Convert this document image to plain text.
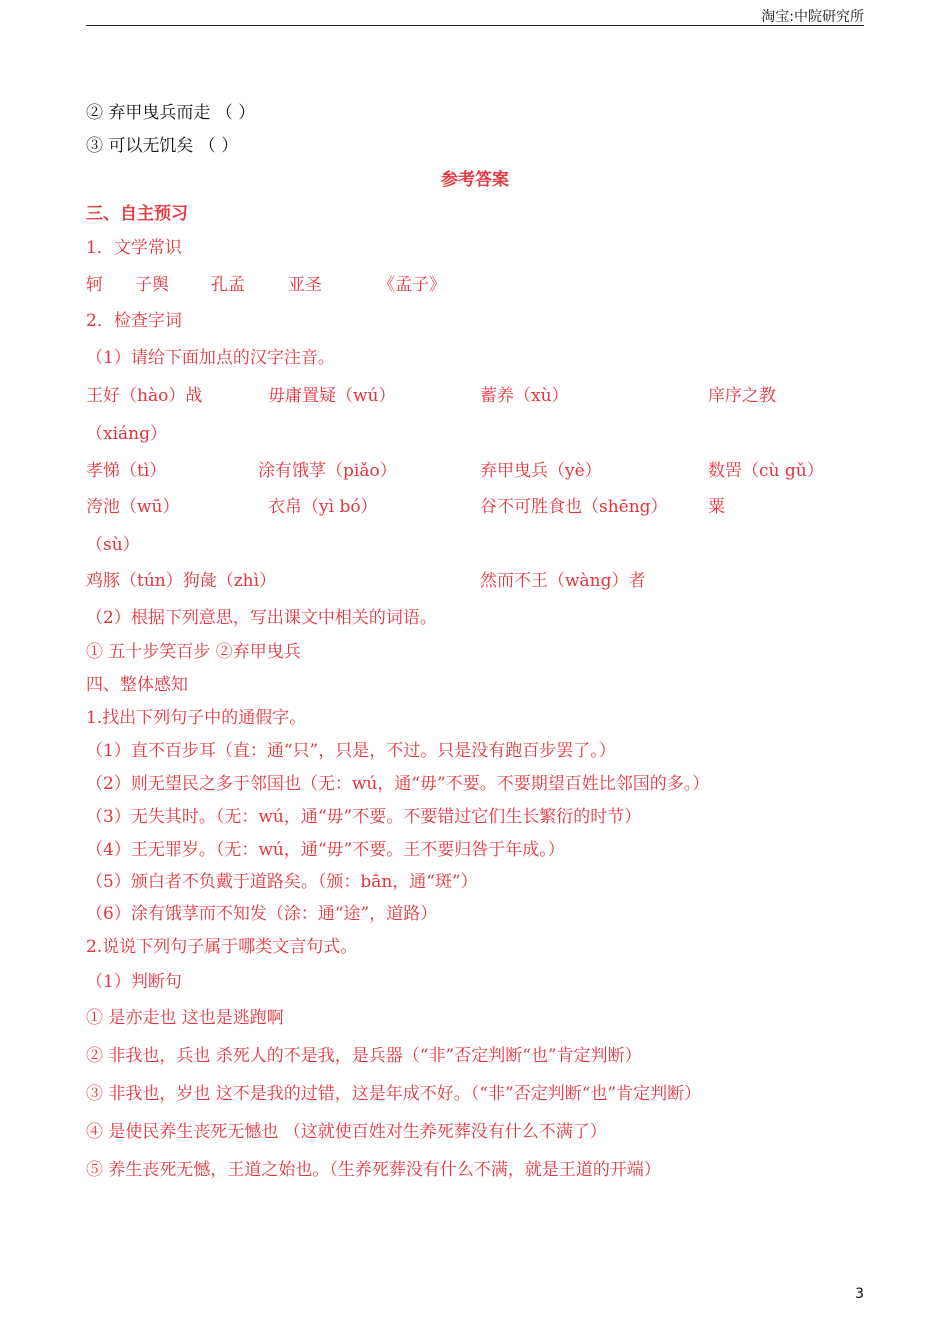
淘宝:中院研究所
② 弃甲曳兵而走 （ ）
③ 可以无饥矣 （ ）
参考答案
三、自主预习
1．文学常识
轲 子舆 孔孟	亚圣	《孟子》
2．检查字词
（1）请给下面加点的汉字注音。
王好（hào）战	毋庸置疑（wú）	蓄养（xù）	庠序之教
（xiáng）
孝悌（tì）	涂有饿莩（piǎo）	弃甲曳兵（yè）	数罟（cù gǔ）
洿池（wū）	衣帛（yì bó）	谷不可胜食也（shēng） 粟
（sù）
鸡豚（tún）狗彘（zhì）	然而不王（wàng）者
（2）根据下列意思，写出课文中相关的词语。
① 五十步笑百步 ②弃甲曳兵
四、整体感知
1.找出下列句子中的通假字。
（1）直不百步耳（直：通“只”，只是，不过。只是没有跑百步罢了。）
（2）则无望民之多于邻国也（无：wú，通“毋”不要。不要期望百姓比邻国的多。）
（3）无失其时。（无：wú，通“毋”不要。不要错过它们生长繁衍的时节）
（4）王无罪岁。（无：wú，通“毋”不要。王不要归咎于年成。）
（5）颁白者不负戴于道路矣。（颁：bān，通“斑”）
（6）涂有饿莩而不知发（涂：通“途”，道路）
2.说说下列句子属于哪类文言句式。
（1）判断句
① 是亦走也 这也是逃跑啊
② 非我也，兵也 杀死人的不是我，是兵器（“非”否定判断“也”肯定判断）
③ 非我也，岁也 这不是我的过错，这是年成不好。（“非”否定判断“也”肯定判断）
④ 是使民养生丧死无憾也 （这就使百姓对生养死葬没有什么不满了）
⑤ 养生丧死无憾，王道之始也。（生养死葬没有什么不满，就是王道的开端）
3
